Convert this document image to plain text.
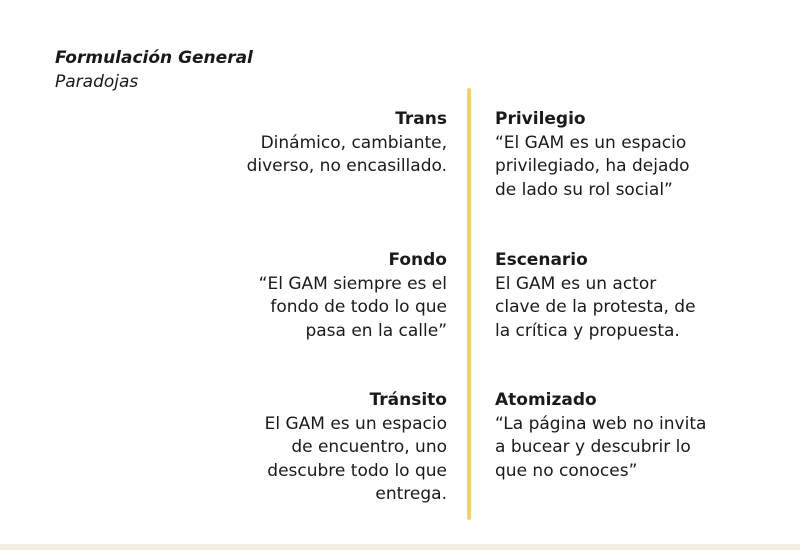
Formulación General
Paradojas
Trans
Dinámico, cambiante,
diverso, no encasillado.
Fondo
“El GAM siempre es el
fondo de todo lo que
pasa en la calle”
Tránsito
El GAM es un espacio
de encuentro, uno
descubre todo lo que
entrega.
Privilegio
“El GAM es un espacio
privilegiado, ha dejado
de lado su rol social”
Escenario
El GAM es un actor
clave de la protesta, de
la crítica y propuesta.
Atomizado
“La página web no invita
a bucear y descubrir lo
que no conoces”
